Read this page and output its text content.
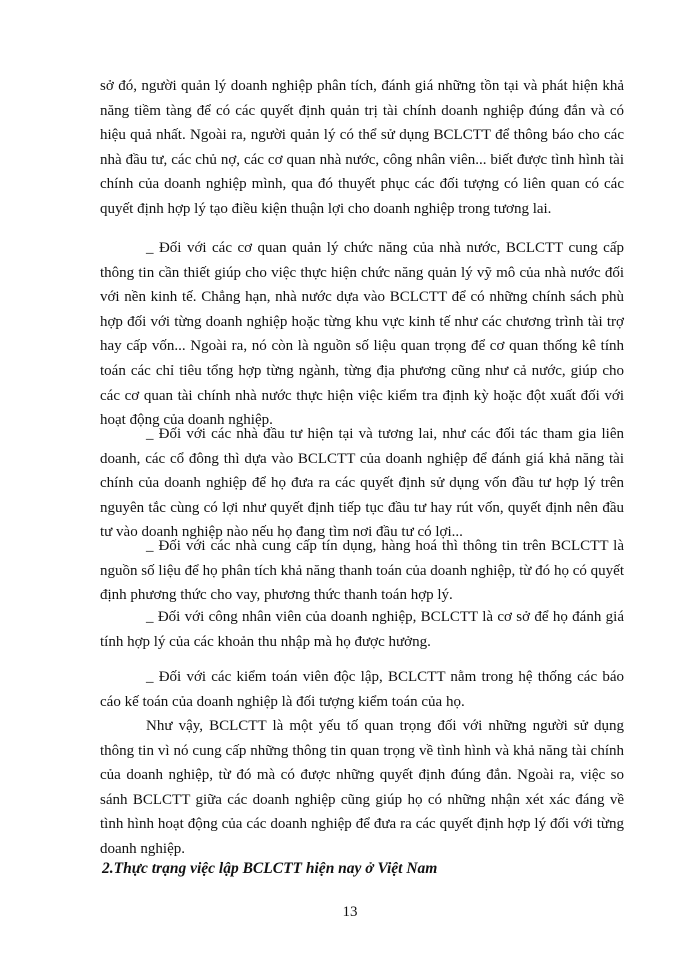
sở đó, người quản lý doanh nghiệp phân tích, đánh giá những tồn tại và phát hiện khả năng tiềm tàng để có các quyết định quản trị tài chính doanh nghiệp đúng đắn và có hiệu quả nhất. Ngoài ra, người quản lý có thể sử dụng BCLCTT để thông báo cho các nhà đầu tư, các chủ nợ, các cơ quan nhà nước, công nhân viên... biết được tình hình tài chính của doanh nghiệp mình, qua đó thuyết phục các đối tượng có liên quan có các quyết định hợp lý tạo điều kiện thuận lợi cho doanh nghiệp trong tương lai.

_ Đối với các cơ quan quản lý chức năng của nhà nước, BCLCTT cung cấp thông tin cần thiết giúp cho việc thực hiện chức năng quản lý vỹ mô của nhà nước đối với nền kinh tế. Chẳng hạn, nhà nước dựa vào BCLCTT để có những chính sách phù hợp đối với từng doanh nghiệp hoặc từng khu vực kinh tế như các chương trình tài trợ hay cấp vốn... Ngoài ra, nó còn là nguồn số liệu quan trọng để cơ quan thống kê tính toán các chỉ tiêu tổng hợp từng ngành, từng địa phương cũng như cả nước, giúp cho các cơ quan tài chính nhà nước thực hiện việc kiểm tra định kỳ hoặc đột xuất đối với hoạt động của doanh nghiệp.

_ Đối với các nhà đầu tư hiện tại và tương lai, như các đối tác tham gia liên doanh, các cổ đông thì dựa vào BCLCTT của doanh nghiệp để đánh giá khả năng tài chính của doanh nghiệp để họ đưa ra các quyết định sử dụng vốn đầu tư hợp lý trên nguyên tắc cùng có lợi như quyết định tiếp tục đầu tư hay rút vốn, quyết định nên đầu tư vào doanh nghiệp nào nếu họ đang tìm nơi đầu tư có lợi...

_ Đối với các nhà cung cấp tín dụng, hàng hoá thì thông tin trên BCLCTT là nguồn số liệu để họ phân tích khả năng thanh toán của doanh nghiệp, từ đó họ có quyết định phương thức cho vay, phương thức thanh toán hợp lý.

_ Đối với công nhân viên của doanh nghiệp, BCLCTT là cơ sở để họ đánh giá tính hợp lý của các khoản thu nhập mà họ được hưởng.

_ Đối với các kiểm toán viên độc lập, BCLCTT nằm trong hệ thống các báo cáo kế toán của doanh nghiệp là đối tượng kiểm toán của họ.

Như vậy, BCLCTT là một yếu tố quan trọng đối với những người sử dụng thông tin vì nó cung cấp những thông tin quan trọng về tình hình và khả năng tài chính của doanh nghiệp, từ đó mà có được những quyết định đúng đắn. Ngoài ra, việc so sánh BCLCTT giữa các doanh nghiệp cũng giúp họ có những nhận xét xác đáng về tình hình hoạt động của các doanh nghiệp để đưa ra các quyết định hợp lý đối với từng doanh nghiệp.

2.Thực trạng việc lập BCLCTT hiện nay ở Việt Nam

13
